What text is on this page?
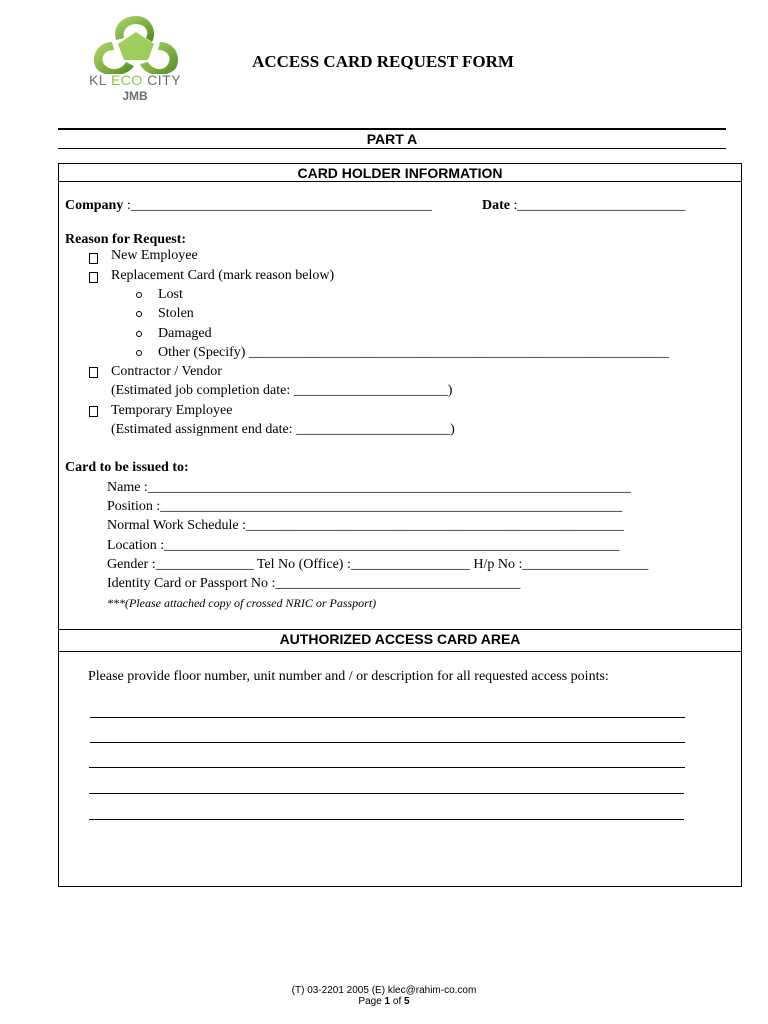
KL ECO CITY
JMB
ACCESS CARD REQUEST FORM
PART A
CARD HOLDER INFORMATION
Company :___________________________________________	Date :________________________
Reason for Request:
New Employee
Replacement Card (mark reason below)
Lost
Stolen
Damaged
Other (Specify) ____________________________________________________________
Contractor / Vendor
(Estimated job completion date: ______________________)
Temporary Employee
(Estimated assignment end date: ______________________)
Card to be issued to:
Name :_____________________________________________________________________
Position :__________________________________________________________________
Normal Work Schedule :______________________________________________________
Location :_________________________________________________________________
Gender :______________ Tel No (Office) :_________________ H/p No :__________________
Identity Card or Passport No :___________________________________
***(Please attached copy of crossed NRIC or Passport)
AUTHORIZED ACCESS CARD AREA
Please provide floor number, unit number and / or description for all requested access points:
(T) 03-2201 2005 (E) klec@rahim-co.com
Page 1 of 5
